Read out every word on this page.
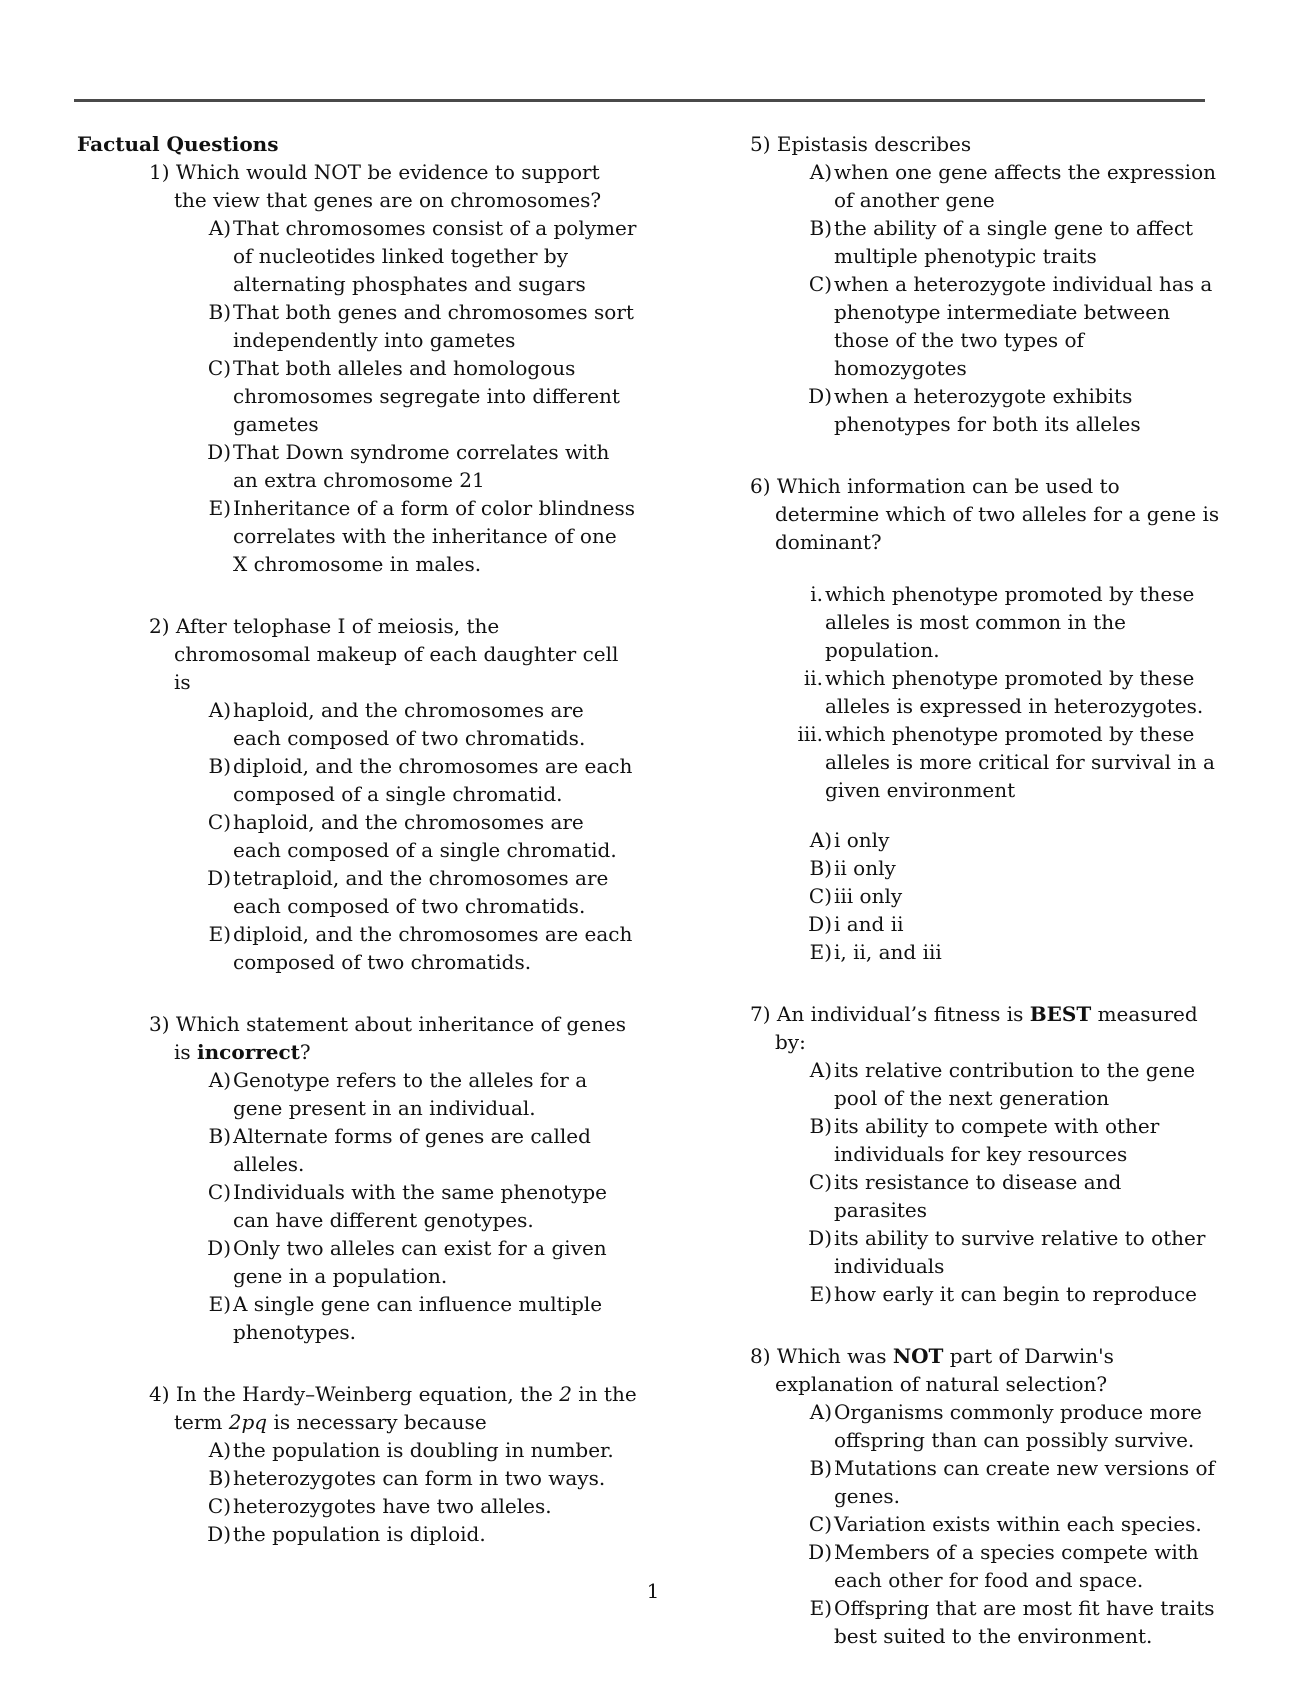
Factual Questions
1) Which would NOT be evidence to support the view that genes are on chromosomes?
A) That chromosomes consist of a polymer of nucleotides linked together by alternating phosphates and sugars
B) That both genes and chromosomes sort independently into gametes
C) That both alleles and homologous chromosomes segregate into different gametes
D) That Down syndrome correlates with an extra chromosome 21
E) Inheritance of a form of color blindness correlates with the inheritance of one X chromosome in males.
2) After telophase I of meiosis, the chromosomal makeup of each daughter cell is
A) haploid, and the chromosomes are each composed of two chromatids.
B) diploid, and the chromosomes are each composed of a single chromatid.
C) haploid, and the chromosomes are each composed of a single chromatid.
D) tetraploid, and the chromosomes are each composed of two chromatids.
E) diploid, and the chromosomes are each composed of two chromatids.
3) Which statement about inheritance of genes is incorrect?
A) Genotype refers to the alleles for a gene present in an individual.
B) Alternate forms of genes are called alleles.
C) Individuals with the same phenotype can have different genotypes.
D) Only two alleles can exist for a given gene in a population.
E) A single gene can influence multiple phenotypes.
4) In the Hardy–Weinberg equation, the 2 in the term 2pq is necessary because
A) the population is doubling in number.
B) heterozygotes can form in two ways.
C) heterozygotes have two alleles.
D) the population is diploid.
5) Epistasis describes
A) when one gene affects the expression of another gene
B) the ability of a single gene to affect multiple phenotypic traits
C) when a heterozygote individual has a phenotype intermediate between those of the two types of homozygotes
D) when a heterozygote exhibits phenotypes for both its alleles
6) Which information can be used to determine which of two alleles for a gene is dominant?
i. which phenotype promoted by these alleles is most common in the population.
ii. which phenotype promoted by these alleles is expressed in heterozygotes.
iii. which phenotype promoted by these alleles is more critical for survival in a given environment
A) i only
B) ii only
C) iii only
D) i and ii
E) i, ii, and iii
7) An individual’s fitness is BEST measured by:
A) its relative contribution to the gene pool of the next generation
B) its ability to compete with other individuals for key resources
C) its resistance to disease and parasites
D) its ability to survive relative to other individuals
E) how early it can begin to reproduce
8) Which was NOT part of Darwin's explanation of natural selection?
A) Organisms commonly produce more offspring than can possibly survive.
B) Mutations can create new versions of genes.
C) Variation exists within each species.
D) Members of a species compete with each other for food and space.
E) Offspring that are most fit have traits best suited to the environment.
1
